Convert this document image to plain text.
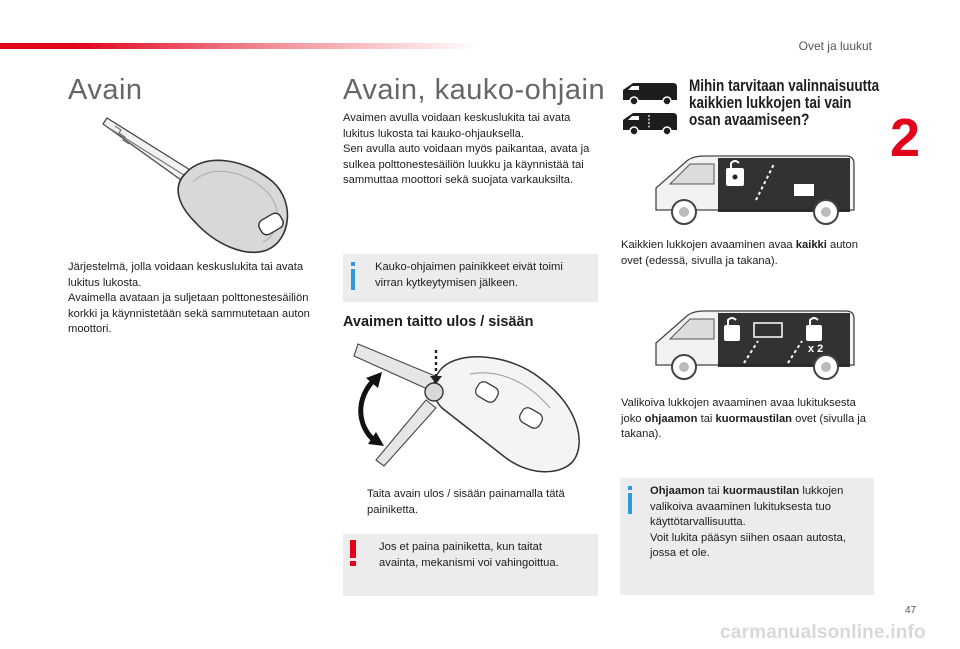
Ovet ja luukut
2
Avain

Järjestelmä, jolla voidaan keskuslukita tai avata lukitus lukosta.

Avaimella avataan ja suljetaan polttonestesäiliön korkki ja käynnistetään sekä sammutetaan auton moottori.

Avain, kauko-ohjain

Avaimen avulla voidaan keskuslukita tai avata lukitus lukosta tai kauko-ohjauksella.

Sen avulla auto voidaan myös paikantaa, avata ja sulkea polttonestesäiliön luukku ja käynnistää tai sammuttaa moottori sekä suojata varkauksilta.

Kauko-ohjaimen painikkeet eivät toimi virran kytkeytymisen jälkeen.
Avaimen taitto ulos / sisään
Taita avain ulos / sisään painamalla tätä painiketta.
Jos et paina painiketta, kun taitat avainta, mekanismi voi vahingoittua.
Mihin tarvitaan valinnaisuutta
kaikkien lukkojen tai vain
osan avaamiseen?
Kaikkien lukkojen avaaminen avaa kaikki auton ovet (edessä, sivulla ja takana).
x 2
Valikoiva lukkojen avaaminen avaa lukituksesta joko ohjaamon tai kuormaustilan ovet (sivulla ja takana).

Ohjaamon tai kuormaustilan lukkojen valikoiva avaaminen lukituksesta tuo käyttötarvallisuutta.

Voit lukita pääsyn siihen osaan autosta, jossa et ole.

47
carmanualsonline.info
